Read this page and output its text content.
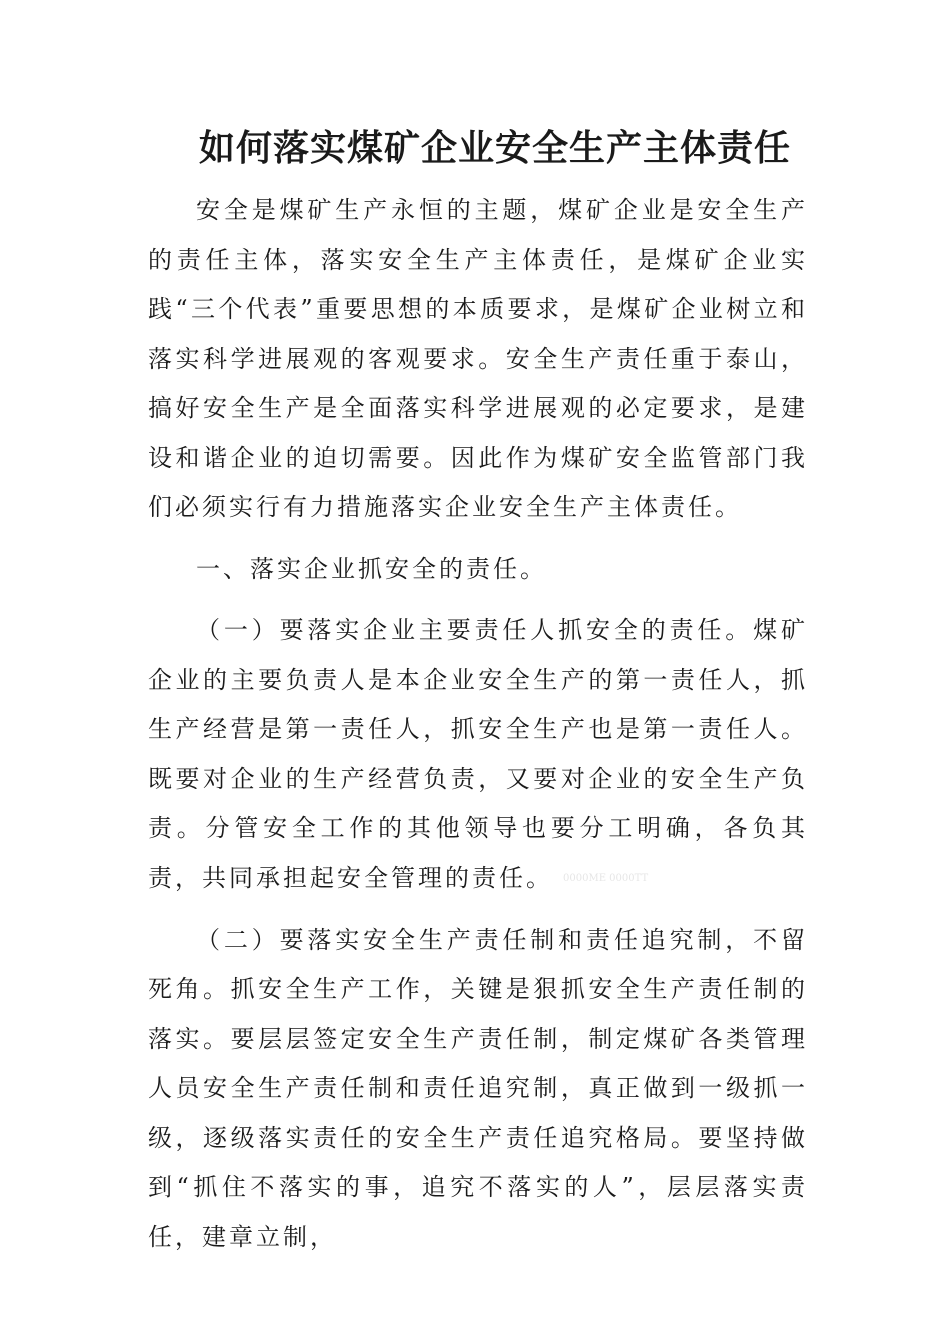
如何落实煤矿企业安全生产主体责任

安全是煤矿生产永恒的主题，煤矿企业是安全生产的责任主体，落实安全生产主体责任，是煤矿企业实践“三个代表”重要思想的本质要求，是煤矿企业树立和落实科学进展观的客观要求。安全生产责任重于泰山，搞好安全生产是全面落实科学进展观的必定要求，是建设和谐企业的迫切需要。因此作为煤矿安全监管部门我们必须实行有力措施落实企业安全生产主体责任。

一、落实企业抓安全的责任。

（一）要落实企业主要责任人抓安全的责任。煤矿企业的主要负责人是本企业安全生产的第一责任人，抓生产经营是第一责任人，抓安全生产也是第一责任人。既要对企业的生产经营负责，又要对企业的安全生产负责。分管安全工作的其他领导也要分工明确，各负其责，共同承担起安全管理的责任。 0000ME 0000TT

（二）要落实安全生产责任制和责任追究制，不留死角。抓安全生产工作，关键是狠抓安全生产责任制的落实。要层层签定安全生产责任制，制定煤矿各类管理人员安全生产责任制和责任追究制，真正做到一级抓一级，逐级落实责任的安全生产责任追究格局。要坚持做到“抓住不落实的事，追究不落实的人”，层层落实责任，建章立制，
